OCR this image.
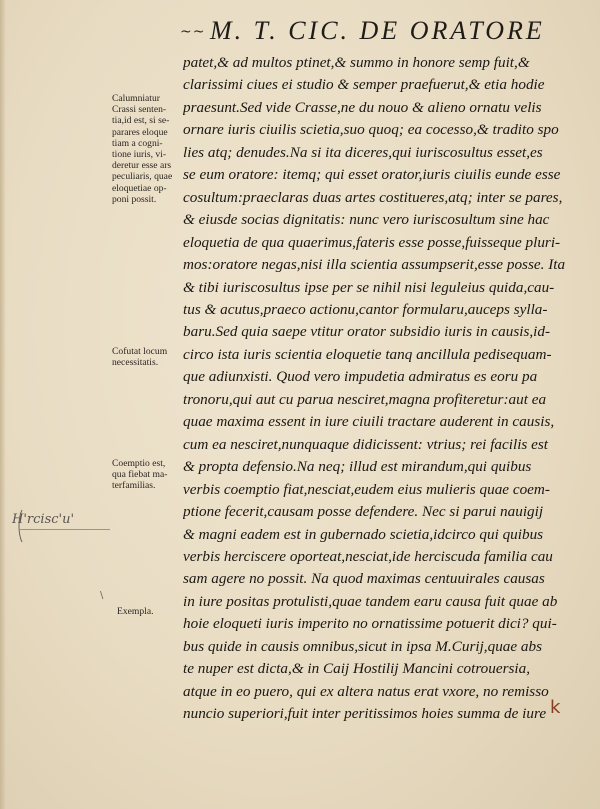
~~ M. T. CIC. DE ORATORE
patet,& ad multos ptinet,& summo in honore semp fuit,&
clarissimi ciues ei studio & semper praefuerut,& etia hodie
praesunt.Sed vide Crasse,ne du nouo & alieno ornatu velis
ornare iuris ciuilis scietia,suo quoq; ea cocesso,& tradito spo
lies atq; denudes.Na si ita diceres,qui iuriscosultus esset,es
se eum oratore: itemq; qui esset orator,iuris ciuilis eunde esse
cosultum:praeclaras duas artes costitueres,atq; inter se pares,
& eiusde socias dignitatis: nunc vero iuriscosultum sine hac
eloquetia de qua quaerimus,fateris esse posse,fuisseque pluri-
mos:oratore negas,nisi illa scientia assumpserit,esse posse. Ita
& tibi iuriscosultus ipse per se nihil nisi leguleius quida,cau-
tus & acutus,praeco actionu,cantor formularu,auceps sylla-
baru.Sed quia saepe vtitur orator subsidio iuris in causis,id-
circo ista iuris scientia eloquetie tanq ancillula pedisequam-
que adiunxisti. Quod vero impudetia admiratus es eoru pa
tronoru,qui aut cu parua nesciret,magna profiteretur:aut ea
quae maxima essent in iure ciuili tractare auderent in causis,
cum ea nesciret,nunquaque didicissent: vtrius; rei facilis est
& propta defensio.Na neq; illud est mirandum,qui quibus
verbis coemptio fiat,nesciat,eudem eius mulieris quae coem-
ptione fecerit,causam posse defendere. Nec si parui nauigij
& magni eadem est in gubernado scietia,idcirco qui quibus
verbis herciscere oporteat,nesciat,ide herciscuda familia cau
sam agere no possit. Na quod maximas centuuirales causas
in iure positas protulisti,quae tandem earu causa fuit quae ab
hoie eloqueti iuris imperito no ornatissime potuerit dici? qui-
bus quide in causis omnibus,sicut in ipsa M.Curij,quae abs
te nuper est dicta,& in Caij Hostilij Mancini cotrouersia,
atque in eo puero, qui ex altera natus erat vxore, no remisso
nuncio superiori,fuit inter peritissimos hoies summa de iure
Calumniatur
Crassi senten-
tia,id est, si se-
parares eloque
tiam a cogni-
tione iuris, vi-
deretur esse ars
peculiaris, quae
eloquetiae op-
poni possit.
Cofutat locum
necessitatis.
Coemptio est,
qua fiebat ma-
terfamilias.
Exempla.
H'rcisc'u'
\
k
